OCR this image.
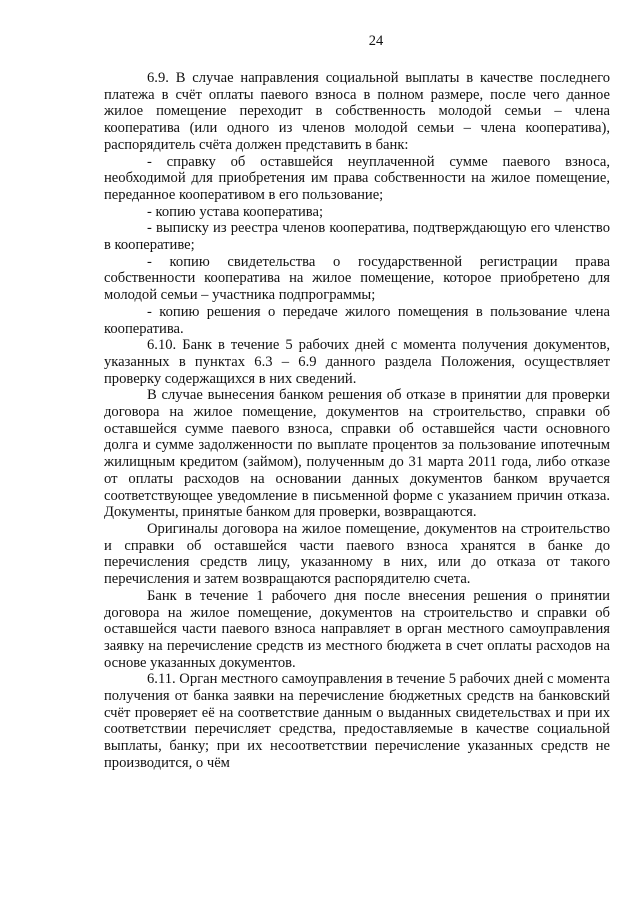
24

6.9. В случае направления социальной выплаты в качестве последнего платежа в счёт оплаты паевого взноса в полном размере, после чего данное жилое помещение переходит в собственность молодой семьи – члена кооператива (или одного из членов молодой семьи – члена кооператива), распорядитель счёта должен представить в банк:

- справку об оставшейся неуплаченной сумме паевого взноса, необходимой для приобретения им права собственности на жилое помещение, переданное кооперативом в его пользование;

- копию устава кооператива;

- выписку из реестра членов кооператива, подтверждающую его членство в кооперативе;

- копию свидетельства о государственной регистрации права собственности кооператива на жилое помещение, которое приобретено для молодой семьи – участника подпрограммы;

- копию решения о передаче жилого помещения в пользование члена кооператива.

6.10. Банк в течение 5 рабочих дней с момента получения документов, указанных в пунктах 6.3 – 6.9 данного раздела Положения, осуществляет проверку содержащихся в них сведений.

В случае вынесения банком решения об отказе в принятии для проверки договора на жилое помещение, документов на строительство, справки об оставшейся сумме паевого взноса, справки об оставшейся части основного долга и сумме задолженности по выплате процентов за пользование ипотечным жилищным кредитом (займом), полученным до 31 марта 2011 года, либо отказе от оплаты расходов на основании данных документов банком вручается соответствующее уведомление в письменной форме с указанием причин отказа. Документы, принятые банком для проверки, возвращаются.

Оригиналы договора на жилое помещение, документов на строительство и справки об оставшейся части паевого взноса хранятся в банке до перечисления средств лицу, указанному в них, или до отказа от такого перечисления и затем возвращаются распорядителю счета.

Банк в течение 1 рабочего дня после внесения решения о принятии договора на жилое помещение, документов на строительство и справки об оставшейся части паевого взноса направляет в орган местного самоуправления заявку на перечисление средств из местного бюджета в счет оплаты расходов на основе указанных документов.

6.11. Орган местного самоуправления в течение 5 рабочих дней с момента получения от банка заявки на перечисление бюджетных средств на банковский счёт проверяет её на соответствие данным о выданных свидетельствах и при их соответствии перечисляет средства, предоставляемые в качестве социальной выплаты, банку; при их несоответствии перечисление указанных средств не производится, о чём
